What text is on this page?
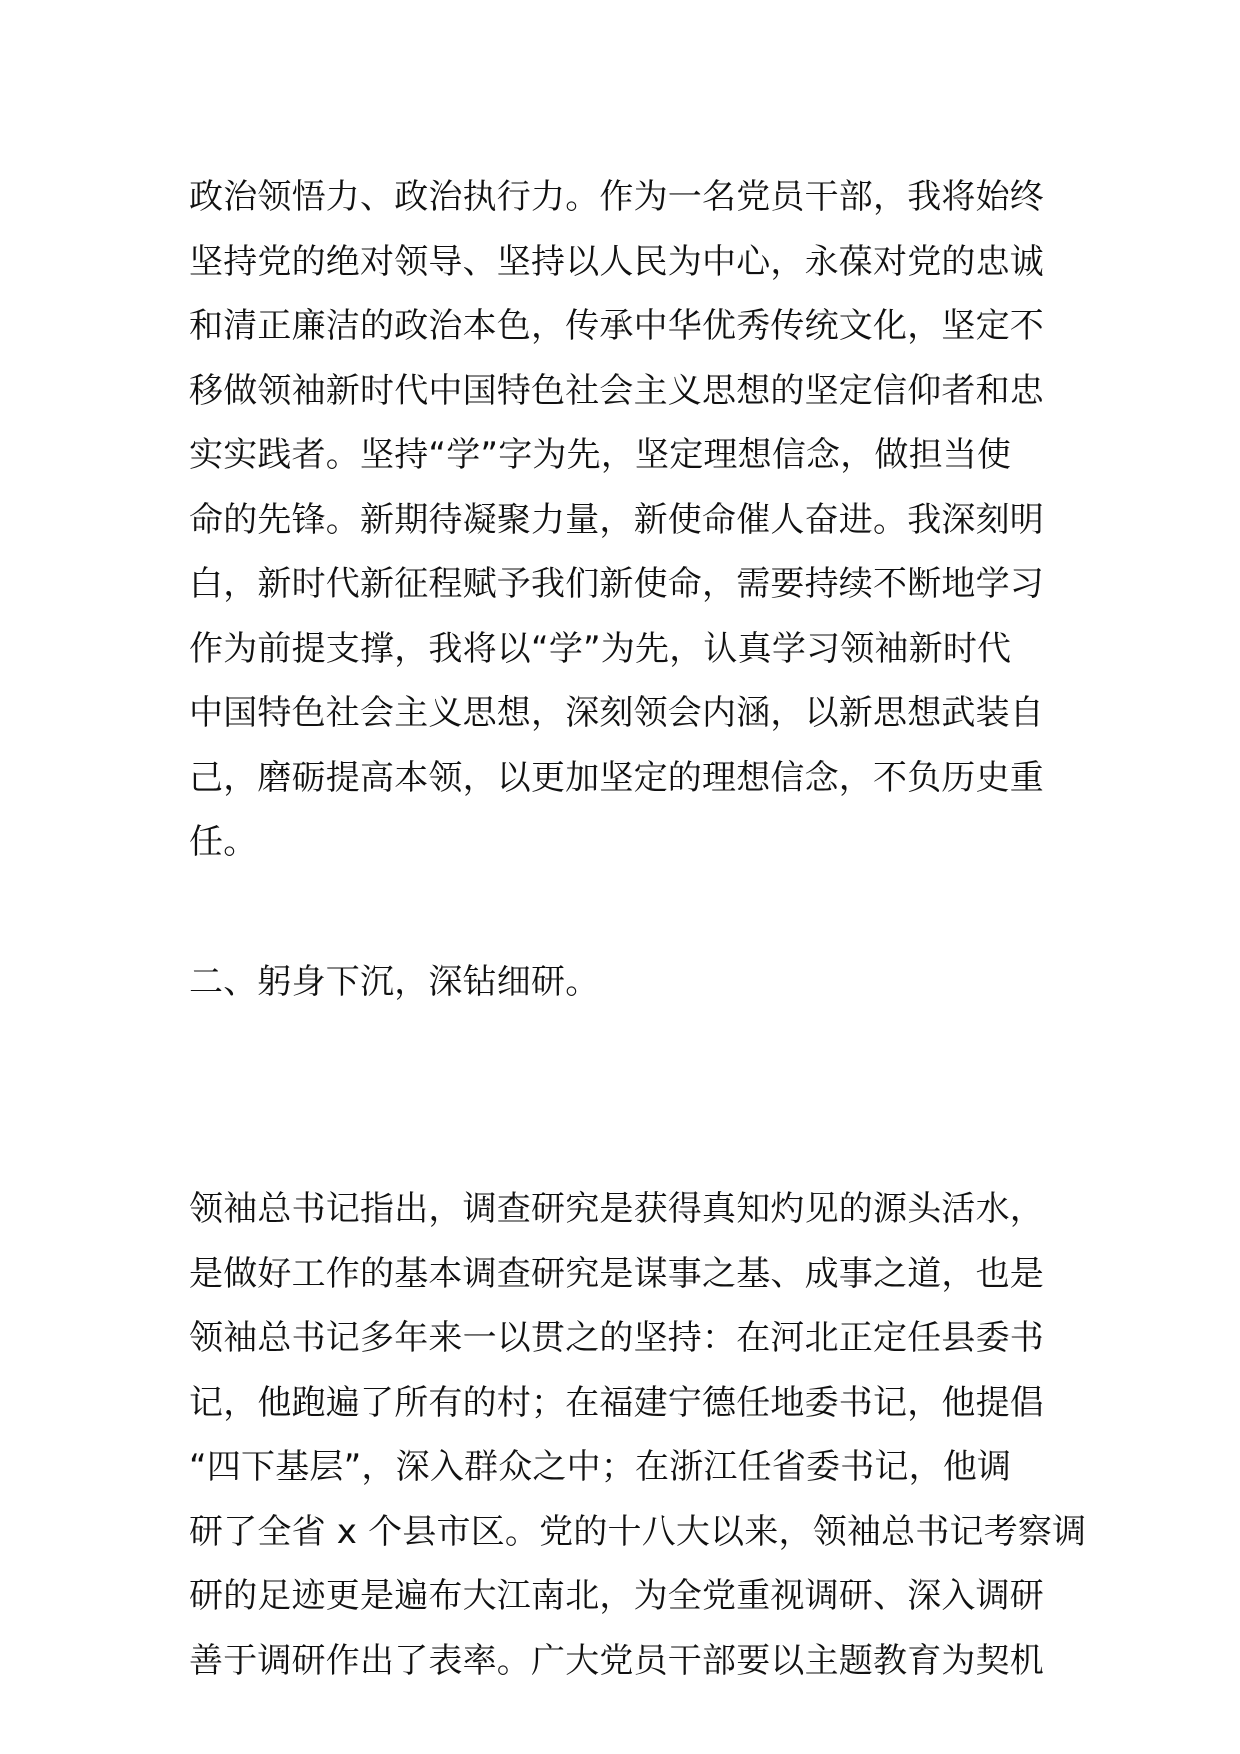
政治领悟力、政治执行力。作为一名党员干部，我将始终
坚持党的绝对领导、坚持以人民为中心，永葆对党的忠诚
和清正廉洁的政治本色，传承中华优秀传统文化，坚定不
移做领袖新时代中国特色社会主义思想的坚定信仰者和忠
实实践者。坚持“学”字为先，坚定理想信念，做担当使
命的先锋。新期待凝聚力量，新使命催人奋进。我深刻明
白，新时代新征程赋予我们新使命，需要持续不断地学习
作为前提支撑，我将以“学”为先，认真学习领袖新时代
中国特色社会主义思想，深刻领会内涵，以新思想武装自
己，磨砺提高本领，以更加坚定的理想信念，不负历史重
任。
二、躬身下沉，深钻细研。
领袖总书记指出，调查研究是获得真知灼见的源头活水，
是做好工作的基本调查研究是谋事之基、成事之道，也是
领袖总书记多年来一以贯之的坚持：在河北正定任县委书
记，他跑遍了所有的村；在福建宁德任地委书记，他提倡
“四下基层”，深入群众之中；在浙江任省委书记，他调
研了全省 x 个县市区。党的十八大以来，领袖总书记考察调
研的足迹更是遍布大江南北，为全党重视调研、深入调研
善于调研作出了表率。广大党员干部要以主题教育为契机
